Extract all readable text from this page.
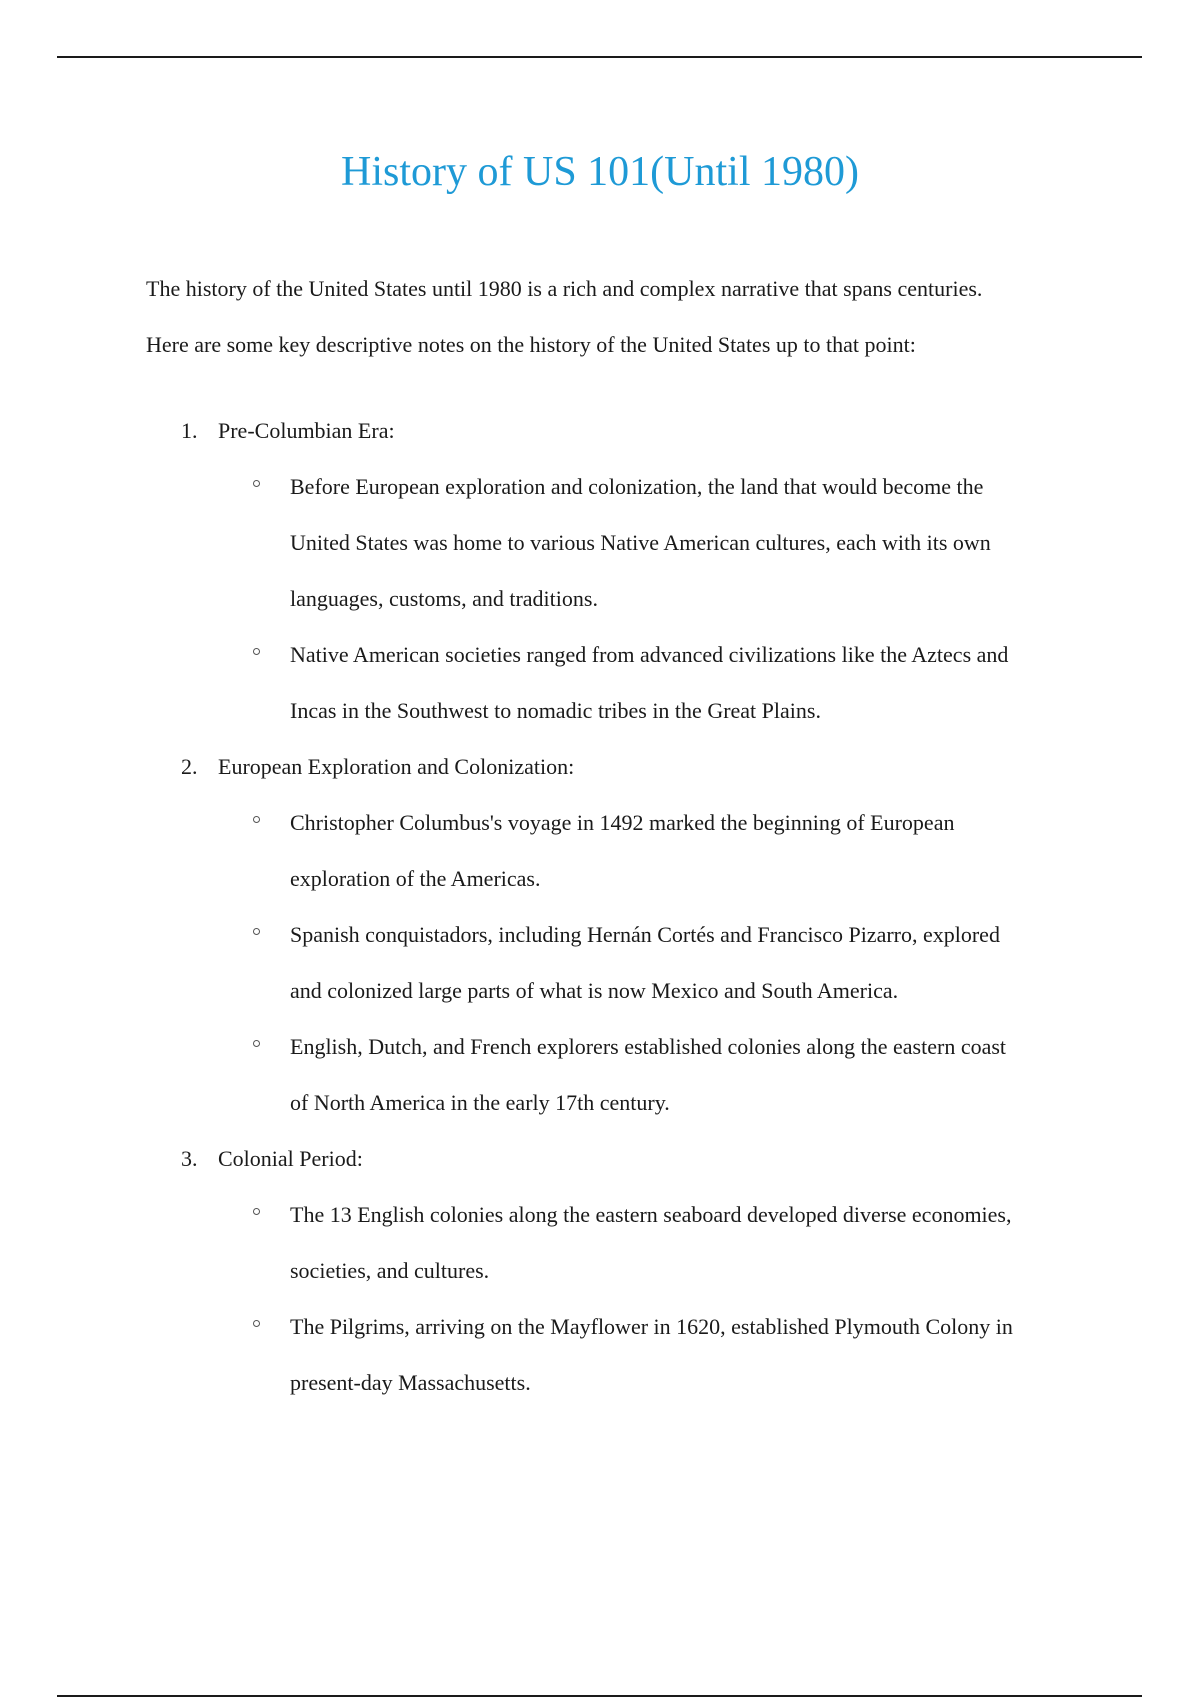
History of US 101(Until 1980)

The history of the United States until 1980 is a rich and complex narrative that spans centuries.
Here are some key descriptive notes on the history of the United States up to that point:

1. Pre-Columbian Era:
Before European exploration and colonization, the land that would become the
United States was home to various Native American cultures, each with its own
languages, customs, and traditions.
Native American societies ranged from advanced civilizations like the Aztecs and
Incas in the Southwest to nomadic tribes in the Great Plains.
2. European Exploration and Colonization:
Christopher Columbus's voyage in 1492 marked the beginning of European
exploration of the Americas.
Spanish conquistadors, including Hernán Cortés and Francisco Pizarro, explored
and colonized large parts of what is now Mexico and South America.
English, Dutch, and French explorers established colonies along the eastern coast
of North America in the early 17th century.
3. Colonial Period:
The 13 English colonies along the eastern seaboard developed diverse economies,
societies, and cultures.
The Pilgrims, arriving on the Mayflower in 1620, established Plymouth Colony in
present-day Massachusetts.
